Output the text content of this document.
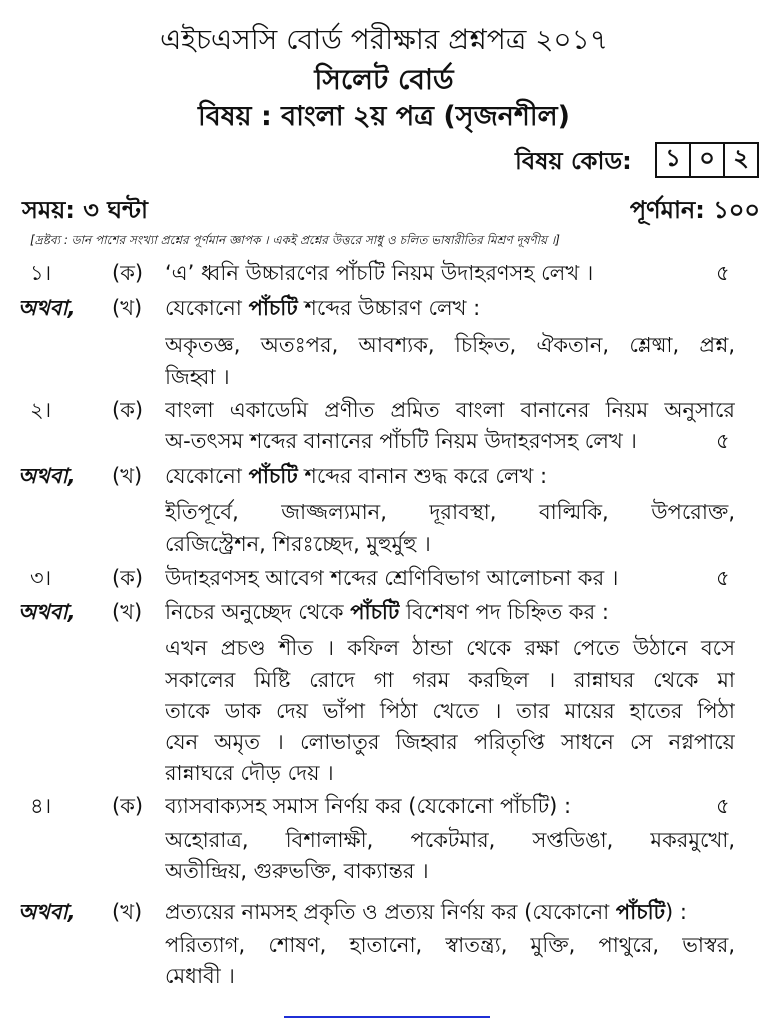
এইচএসসি বোর্ড পরীক্ষার প্রশ্নপত্র ২০১৭
সিলেট বোর্ড
বিষয় : বাংলা ২য় পত্র (সৃজনশীল)
বিষয় কোড:	১ ০ ২
সময়: ৩ ঘন্টা	পূর্ণমান: ১০০
[দ্রষ্টব্য : ডান পাশের সংখ্যা প্রশ্নের পূর্ণমান জ্ঞাপক । একই প্রশ্নের উত্তরে সাধু ও চলিত ভাষারীতির মিশ্রণ দূষণীয় ।]
১।	(ক) ‘এ’ ধ্বনি উচ্চারণের পাঁচটি নিয়ম উদাহরণসহ লেখ ।	৫
অথবা, (খ) যেকোনো পাঁচটি শব্দের উচ্চারণ লেখ :
অকৃতজ্ঞ, অতঃপর, আবশ্যক, চিহ্নিত, ঐকতান, শ্লেষ্মা, প্রশ্ন,
জিহ্বা ।
২।	(ক) বাংলা একাডেমি প্রণীত প্রমিত বাংলা বানানের নিয়ম অনুসারে
অ-তৎসম শব্দের বানানের পাঁচটি নিয়ম উদাহরণসহ লেখ ।	৫
অথবা, (খ) যেকোনো পাঁচটি শব্দের বানান শুদ্ধ করে লেখ :
ইতিপূর্বে, জাজ্জল্যমান, দূরাবস্থা, বাল্মিকি, উপরোক্ত,
রেজিস্ট্রেশন, শিরঃচ্ছেদ, মুহুর্মুহু ।
৩।	(ক) উদাহরণসহ আবেগ শব্দের শ্রেণিবিভাগ আলোচনা কর ।	৫
অথবা, (খ) নিচের অনুচ্ছেদ থেকে পাঁচটি বিশেষণ পদ চিহ্নিত কর :
এখন প্রচণ্ড শীত । কফিল ঠান্ডা থেকে রক্ষা পেতে উঠানে বসে
সকালের মিষ্টি রোদে গা গরম করছিল । রান্নাঘর থেকে মা
তাকে ডাক দেয় ভাঁপা পিঠা খেতে । তার মায়ের হাতের পিঠা
যেন অমৃত । লোভাতুর জিহ্বার পরিতৃপ্তি সাধনে সে নগ্নপায়ে
রান্নাঘরে দৌড় দেয় ।
৪।	(ক) ব্যাসবাক্যসহ সমাস নির্ণয় কর (যেকোনো পাঁচটি) :	৫
অহোরাত্র, বিশালাক্ষী, পকেটমার, সপ্তডিঙা, মকরমুখো,
অতীন্দ্রিয়, গুরুভক্তি, বাক্যান্তর ।
অথবা, (খ) প্রত্যয়ের নামসহ প্রকৃতি ও প্রত্যয় নির্ণয় কর (যেকোনো পাঁচটি) :
পরিত্যাগ, শোষণ, হাতানো, স্বাতন্ত্র্য, মুক্তি, পাথুরে, ভাস্বর,
মেধাবী ।
